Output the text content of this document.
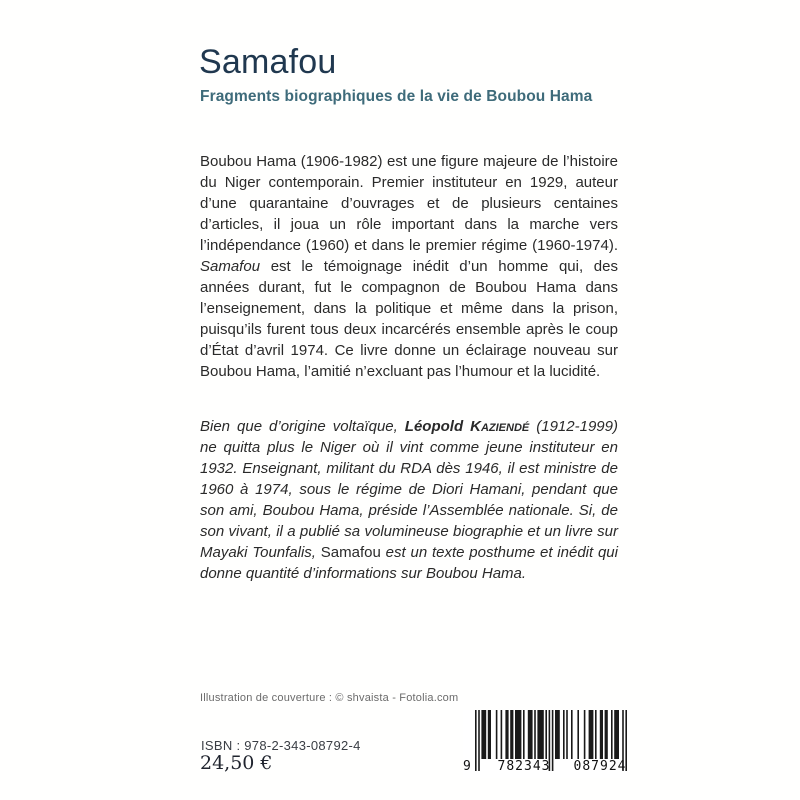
Samafou
Fragments biographiques de la vie de Boubou Hama

Boubou Hama (1906-1982) est une figure majeure de l’histoire du Niger contemporain. Premier instituteur en 1929, auteur d’une quarantaine d’ouvrages et de plusieurs centaines d’articles, il joua un rôle important dans la marche vers l’indépendance (1960) et dans le premier régime (1960-1974). Samafou est le témoignage inédit d’un homme qui, des années durant, fut le compagnon de Boubou Hama dans l’enseignement, dans la politique et même dans la prison, puisqu’ils furent tous deux incarcérés ensemble après le coup d’État d’avril 1974. Ce livre donne un éclairage nouveau sur Boubou Hama, l’amitié n’excluant pas l’humour et la lucidité.

Bien que d’origine voltaïque, Léopold Kaziendé (1912-1999) ne quitta plus le Niger où il vint comme jeune instituteur en 1932. Enseignant, militant du RDA dès 1946, il est ministre de 1960 à 1974, sous le régime de Diori Hamani, pendant que son ami, Boubou Hama, préside l’Assemblée nationale. Si, de son vivant, il a publié sa volumineuse biographie et un livre sur Mayaki Tounfalis, Samafou est un texte posthume et inédit qui donne quantité d’informations sur Boubou Hama.

Illustration de couverture : © shvaista - Fotolia.com
ISBN : 978-2-343-08792-4
24,50 €	9	782343	087924
